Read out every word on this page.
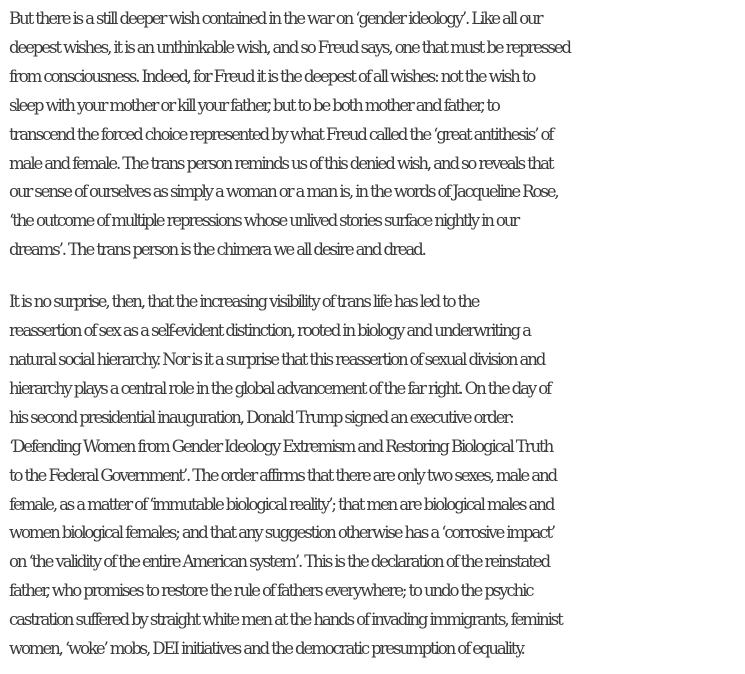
But there is a still deeper wish contained in the war on ‘gender ideology’. Like all our
deepest wishes, it is an unthinkable wish, and so Freud says, one that must be repressed
from consciousness. Indeed, for Freud it is the deepest of all wishes: not the wish to
sleep with your mother or kill your father, but to be both mother and father, to
transcend the forced choice represented by what Freud called the ‘great antithesis’ of
male and female. The trans person reminds us of this denied wish, and so reveals that
our sense of ourselves as simply a woman or a man is, in the words of Jacqueline Rose,
‘the outcome of multiple repressions whose unlived stories surface nightly in our
dreams’. The trans person is the chimera we all desire and dread.

It is no surprise, then, that the increasing visibility of trans life has led to the
reassertion of sex as a self-evident distinction, rooted in biology and underwriting a
natural social hierarchy. Nor is it a surprise that this reassertion of sexual division and
hierarchy plays a central role in the global advancement of the far right. On the day of
his second presidential inauguration, Donald Trump signed an executive order:
‘Defending Women from Gender Ideology Extremism and Restoring Biological Truth
to the Federal Government’. The order affirms that there are only two sexes, male and
female, as a matter of ‘immutable biological reality’; that men are biological males and
women biological females; and that any suggestion otherwise has a ‘corrosive impact’
on ‘the validity of the entire American system’. This is the declaration of the reinstated
father, who promises to restore the rule of fathers everywhere; to undo the psychic
castration suffered by straight white men at the hands of invading immigrants, feminist
women, ‘woke’ mobs, DEI initiatives and the democratic presumption of equality.
